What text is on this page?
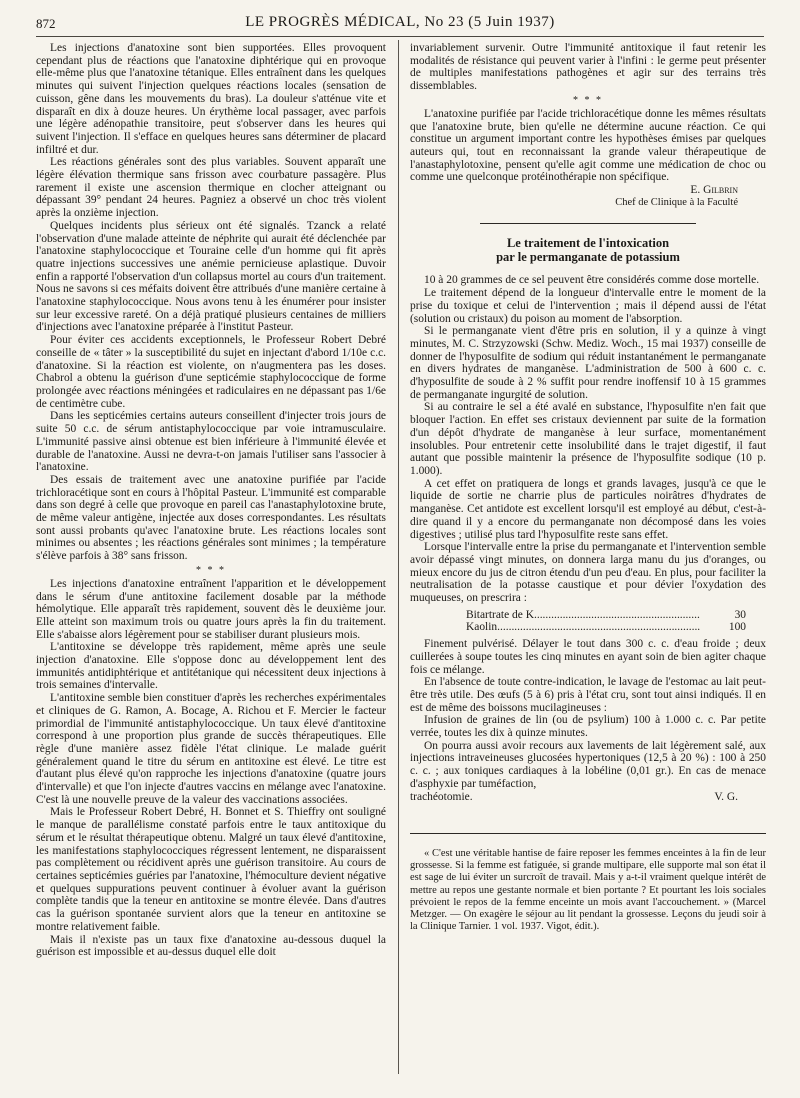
872	LE PROGRÈS MÉDICAL, No 23 (5 Juin 1937)

Les injections d'anatoxine sont bien supportées. Elles provoquent cependant plus de réactions que l'anatoxine diphtérique qui en provoque elle-même plus que l'anatoxine tétanique. Elles entraînent dans les quelques minutes qui suivent l'injection quelques réactions locales (sensation de cuisson, gêne dans les mouvements du bras). La douleur s'atténue vite et disparaît en dix à douze heures. Un érythème local passager, avec parfois une légère adénopathie transitoire, peut s'observer dans les heures qui suivent l'injection. Il s'efface en quelques heures sans déterminer de placard infiltré et dur.

Les réactions générales sont des plus variables. Souvent apparaît une légère élévation thermique sans frisson avec courbature passagère. Plus rarement il existe une ascension thermique en clocher atteignant ou dépassant 39° pendant 24 heures. Pagniez a observé un choc très violent après la onzième injection.

Quelques incidents plus sérieux ont été signalés. Tzanck a relaté l'observation d'une malade atteinte de néphrite qui aurait été déclenchée par l'anatoxine staphylococcique et Touraine celle d'un homme qui fit après quatre injections successives une anémie pernicieuse aplastique. Duvoir enfin a rapporté l'observation d'un collapsus mortel au cours d'un traitement. Nous ne savons si ces méfaits doivent être attribués d'une manière certaine à l'anatoxine staphylococcique. Nous avons tenu à les énumérer pour insister sur leur excessive rareté. On a déjà pratiqué plusieurs centaines de milliers d'injections avec l'anatoxine préparée à l'institut Pasteur.

Pour éviter ces accidents exceptionnels, le Professeur Robert Debré conseille de « tâter » la susceptibilité du sujet en injectant d'abord 1/10e c.c. d'anatoxine. Si la réaction est violente, on n'augmentera pas les doses. Chabrol a obtenu la guérison d'une septicémie staphylococcique de forme prolongée avec réactions méningées et radiculaires en ne dépassant pas 1/6e de centimètre cube.

Dans les septicémies certains auteurs conseillent d'injecter trois jours de suite 50 c.c. de sérum antistaphylococcique par voie intramusculaire. L'immunité passive ainsi obtenue est bien inférieure à l'immunité élevée et durable de l'anatoxine. Aussi ne devra-t-on jamais l'utiliser sans l'associer à l'anatoxine.

Des essais de traitement avec une anatoxine purifiée par l'acide trichloracétique sont en cours à l'hôpital Pasteur. L'immunité est comparable dans son degré à celle que provoque en pareil cas l'anastaphylotoxine brute, de même valeur antigène, injectée aux doses correspondantes. Les résultats sont aussi probants qu'avec l'anatoxine brute. Les réactions locales sont minimes ou absentes ; les réactions générales sont minimes ; la température s'élève parfois à 38° sans frisson.

* * *

Les injections d'anatoxine entraînent l'apparition et le développement dans le sérum d'une antitoxine facilement dosable par la méthode hémolytique. Elle apparaît très rapidement, souvent dès le deuxième jour. Elle atteint son maximum trois ou quatre jours après la fin du traitement. Elle s'abaisse alors légèrement pour se stabiliser durant plusieurs mois.

L'antitoxine se développe très rapidement, même après une seule injection d'anatoxine. Elle s'oppose donc au développement lent des immunités antidiphtérique et antitétanique qui nécessitent deux injections à trois semaines d'intervalle.

L'antitoxine semble bien constituer d'après les recherches expérimentales et cliniques de G. Ramon, A. Bocage, A. Richou et F. Mercier le facteur primordial de l'immunité antistaphylococcique. Un taux élevé d'antitoxine correspond à une proportion plus grande de succès thérapeutiques. Elle règle d'une manière assez fidèle l'état clinique. Le malade guérit généralement quand le titre du sérum en antitoxine est élevé. Le titre est d'autant plus élevé qu'on rapproche les injections d'anatoxine (quatre jours d'intervalle) et que l'on injecte d'autres vaccins en mélange avec l'anatoxine. C'est là une nouvelle preuve de la valeur des vaccinations associées.

Mais le Professeur Robert Debré, H. Bonnet et S. Thieffry ont souligné le manque de parallélisme constaté parfois entre le taux antitoxique du sérum et le résultat thérapeutique obtenu. Malgré un taux élevé d'antitoxine, les manifestations staphylococciques régressent lentement, ne disparaissent pas complètement ou récidivent après une guérison transitoire. Au cours de certaines septicémies guéries par l'anatoxine, l'hémoculture devient négative et quelques suppurations peuvent continuer à évoluer avant la guérison complète tandis que la teneur en antitoxine se montre élevée. Dans d'autres cas la guérison spontanée survient alors que la teneur en antitoxine se montre relativement faible.

Mais il n'existe pas un taux fixe d'anatoxine au-dessous duquel la guérison est impossible et au-dessus duquel elle doit

invariablement survenir. Outre l'immunité antitoxique il faut retenir les modalités de résistance qui peuvent varier à l'infini : le germe peut présenter de multiples manifestations pathogènes et agir sur des terrains très dissemblables.

* * *

L'anatoxine purifiée par l'acide trichloracétique donne les mêmes résultats que l'anatoxine brute, bien qu'elle ne détermine aucune réaction. Ce qui constitue un argument important contre les hypothèses émises par quelques auteurs qui, tout en reconnaissant la grande valeur thérapeutique de l'anastaphylotoxine, pensent qu'elle agit comme une médication de choc ou comme une quelconque protéinothérapie non spécifique.

E. Gilbrin
Chef de Clinique à la Faculté
Le traitement de l'intoxication
par le permanganate de potassium

10 à 20 grammes de ce sel peuvent être considérés comme dose mortelle.

Le traitement dépend de la longueur d'intervalle entre le moment de la prise du toxique et celui de l'intervention ; mais il dépend aussi de l'état (solution ou cristaux) du poison au moment de l'absorption.

Si le permanganate vient d'être pris en solution, il y a quinze à vingt minutes, M. C. Strzyzowski (Schw. Mediz. Woch., 15 mai 1937) conseille de donner de l'hyposulfite de sodium qui réduit instantanément le permanganate en divers hydrates de manganèse. L'administration de 500 à 600 c. c. d'hyposulfite de soude à 2 % suffit pour rendre inoffensif 10 à 15 grammes de permanganate ingurgité de solution.

Si au contraire le sel a été avalé en substance, l'hyposulfite n'en fait que bloquer l'action. En effet ses cristaux deviennent par suite de la formation d'un dépôt d'hydrate de manganèse à leur surface, momentanément insolubles. Pour entretenir cette insolubilité dans le trajet digestif, il faut autant que possible maintenir la présence de l'hyposulfite sodique (10 p. 1.000).

A cet effet on pratiquera de longs et grands lavages, jusqu'à ce que le liquide de sortie ne charrie plus de particules noirâtres d'hydrates de manganèse. Cet antidote est excellent lorsqu'il est employé au début, c'est-à-dire quand il y a encore du permanganate non décomposé dans les voies digestives ; utilisé plus tard l'hyposulfite reste sans effet.

Lorsque l'intervalle entre la prise du permanganate et l'intervention semble avoir dépassé vingt minutes, on donnera larga manu du jus d'oranges, ou mieux encore du jus de citron étendu d'un peu d'eau. En plus, pour faciliter la neutralisation de la potasse caustique et pour dévier l'oxydation des muqueuses, on prescrira :

Bitartrate de K .....	30
Kaolin .....	100

Finement pulvérisé. Délayer le tout dans 300 c. c. d'eau froide ; deux cuillerées à soupe toutes les cinq minutes en ayant soin de bien agiter chaque fois ce mélange.

En l'absence de toute contre-indication, le lavage de l'estomac au lait peut-être très utile. Des œufs (5 à 6) pris à l'état cru, sont tout ainsi indiqués. Il en est de même des boissons mucilagineuses :

Infusion de graines de lin (ou de psylium) 100 à 1.000 c. c. Par petite verrée, toutes les dix à quinze minutes.

On pourra aussi avoir recours aux lavements de lait légèrement salé, aux injections intraveineuses glucosées hypertoniques (12,5 à 20 %) : 100 à 250 c. c. ; aux toniques cardiaques à la lobéline (0,01 gr.). En cas de menace d'asphyxie par tuméfaction,

trachéotomie.	V. G.

« C'est une véritable hantise de faire reposer les femmes enceintes à la fin de leur grossesse. Si la femme est fatiguée, si grande multipare, elle supporte mal son état il est sage de lui éviter un surcroît de travail. Mais y a-t-il vraiment quelque intérêt de mettre au repos une gestante normale et bien portante ? Et pourtant les lois sociales prévoient le repos de la femme enceinte un mois avant l'accouchement. » (Marcel Metzger. — On exagère le séjour au lit pendant la grossesse. Leçons du jeudi soir à la Clinique Tarnier. 1 vol. 1937. Vigot, édit.).
